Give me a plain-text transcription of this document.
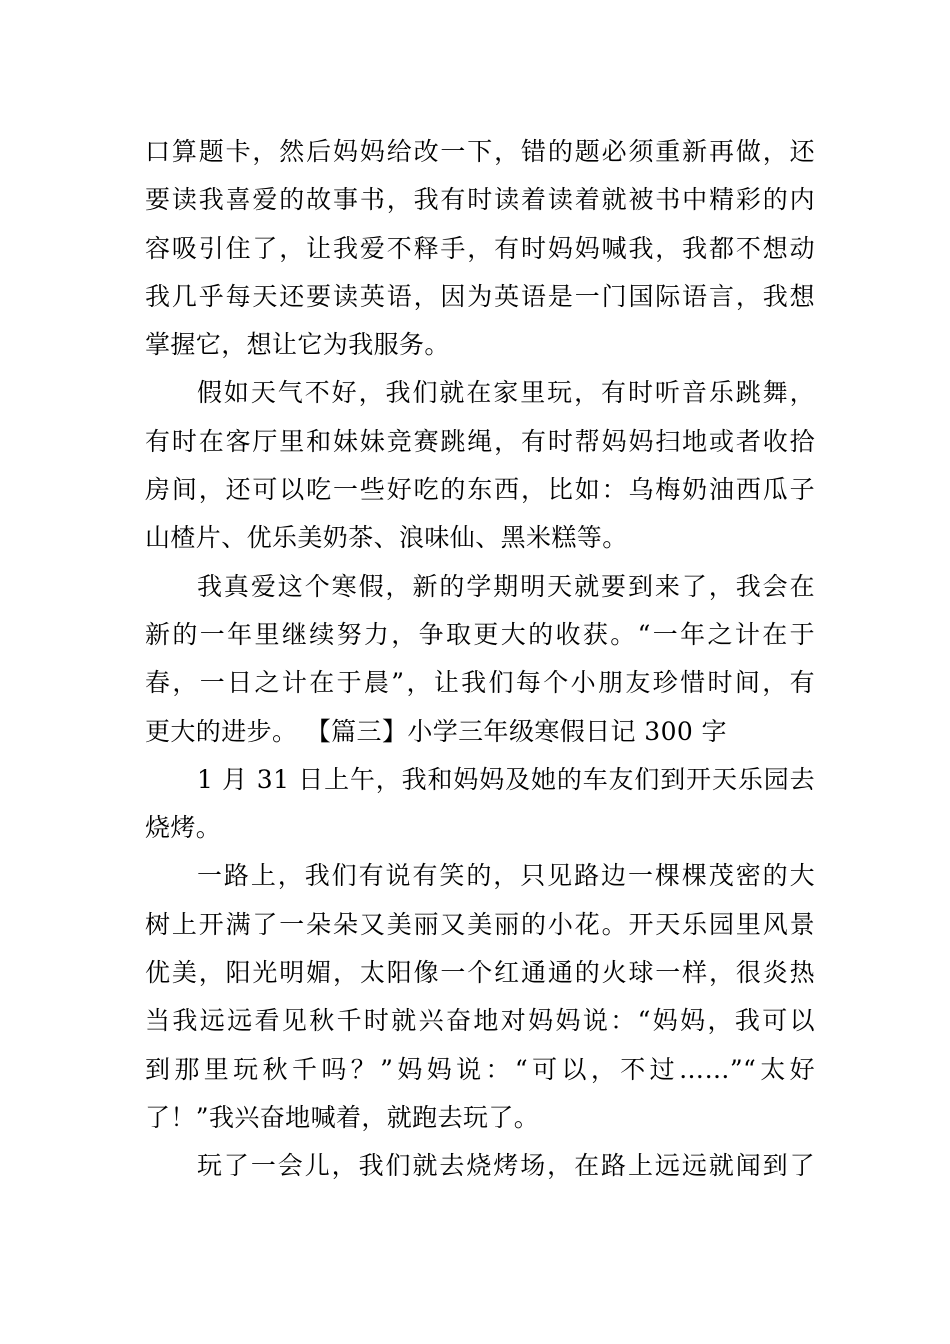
口算题卡，然后妈妈给改一下，错的题必须重新再做，还
要读我喜爱的故事书，我有时读着读着就被书中精彩的内
容吸引住了，让我爱不释手，有时妈妈喊我，我都不想动
我几乎每天还要读英语，因为英语是一门国际语言，我想
掌握它，想让它为我服务。
假如天气不好，我们就在家里玩，有时听音乐跳舞，
有时在客厅里和妹妹竞赛跳绳，有时帮妈妈扫地或者收拾
房间，还可以吃一些好吃的东西，比如：乌梅奶油西瓜子
山楂片、优乐美奶茶、浪味仙、黑米糕等。
我真爱这个寒假，新的学期明天就要到来了，我会在
新的一年里继续努力，争取更大的收获。“一年之计在于
春，一日之计在于晨”，让我们每个小朋友珍惜时间，有
更大的进步。 【篇三】小学三年级寒假日记 300 字
1 月 31 日上午，我和妈妈及她的车友们到开天乐园去
烧烤。
一路上，我们有说有笑的，只见路边一棵棵茂密的大
树上开满了一朵朵又美丽又美丽的小花。开天乐园里风景
优美，阳光明媚，太阳像一个红通通的火球一样，很炎热
当我远远看见秋千时就兴奋地对妈妈说：“妈妈，我可以
到那里玩秋千吗？”妈妈说：“可以，不过……”“太好
了！”我兴奋地喊着，就跑去玩了。
玩了一会儿，我们就去烧烤场，在路上远远就闻到了
